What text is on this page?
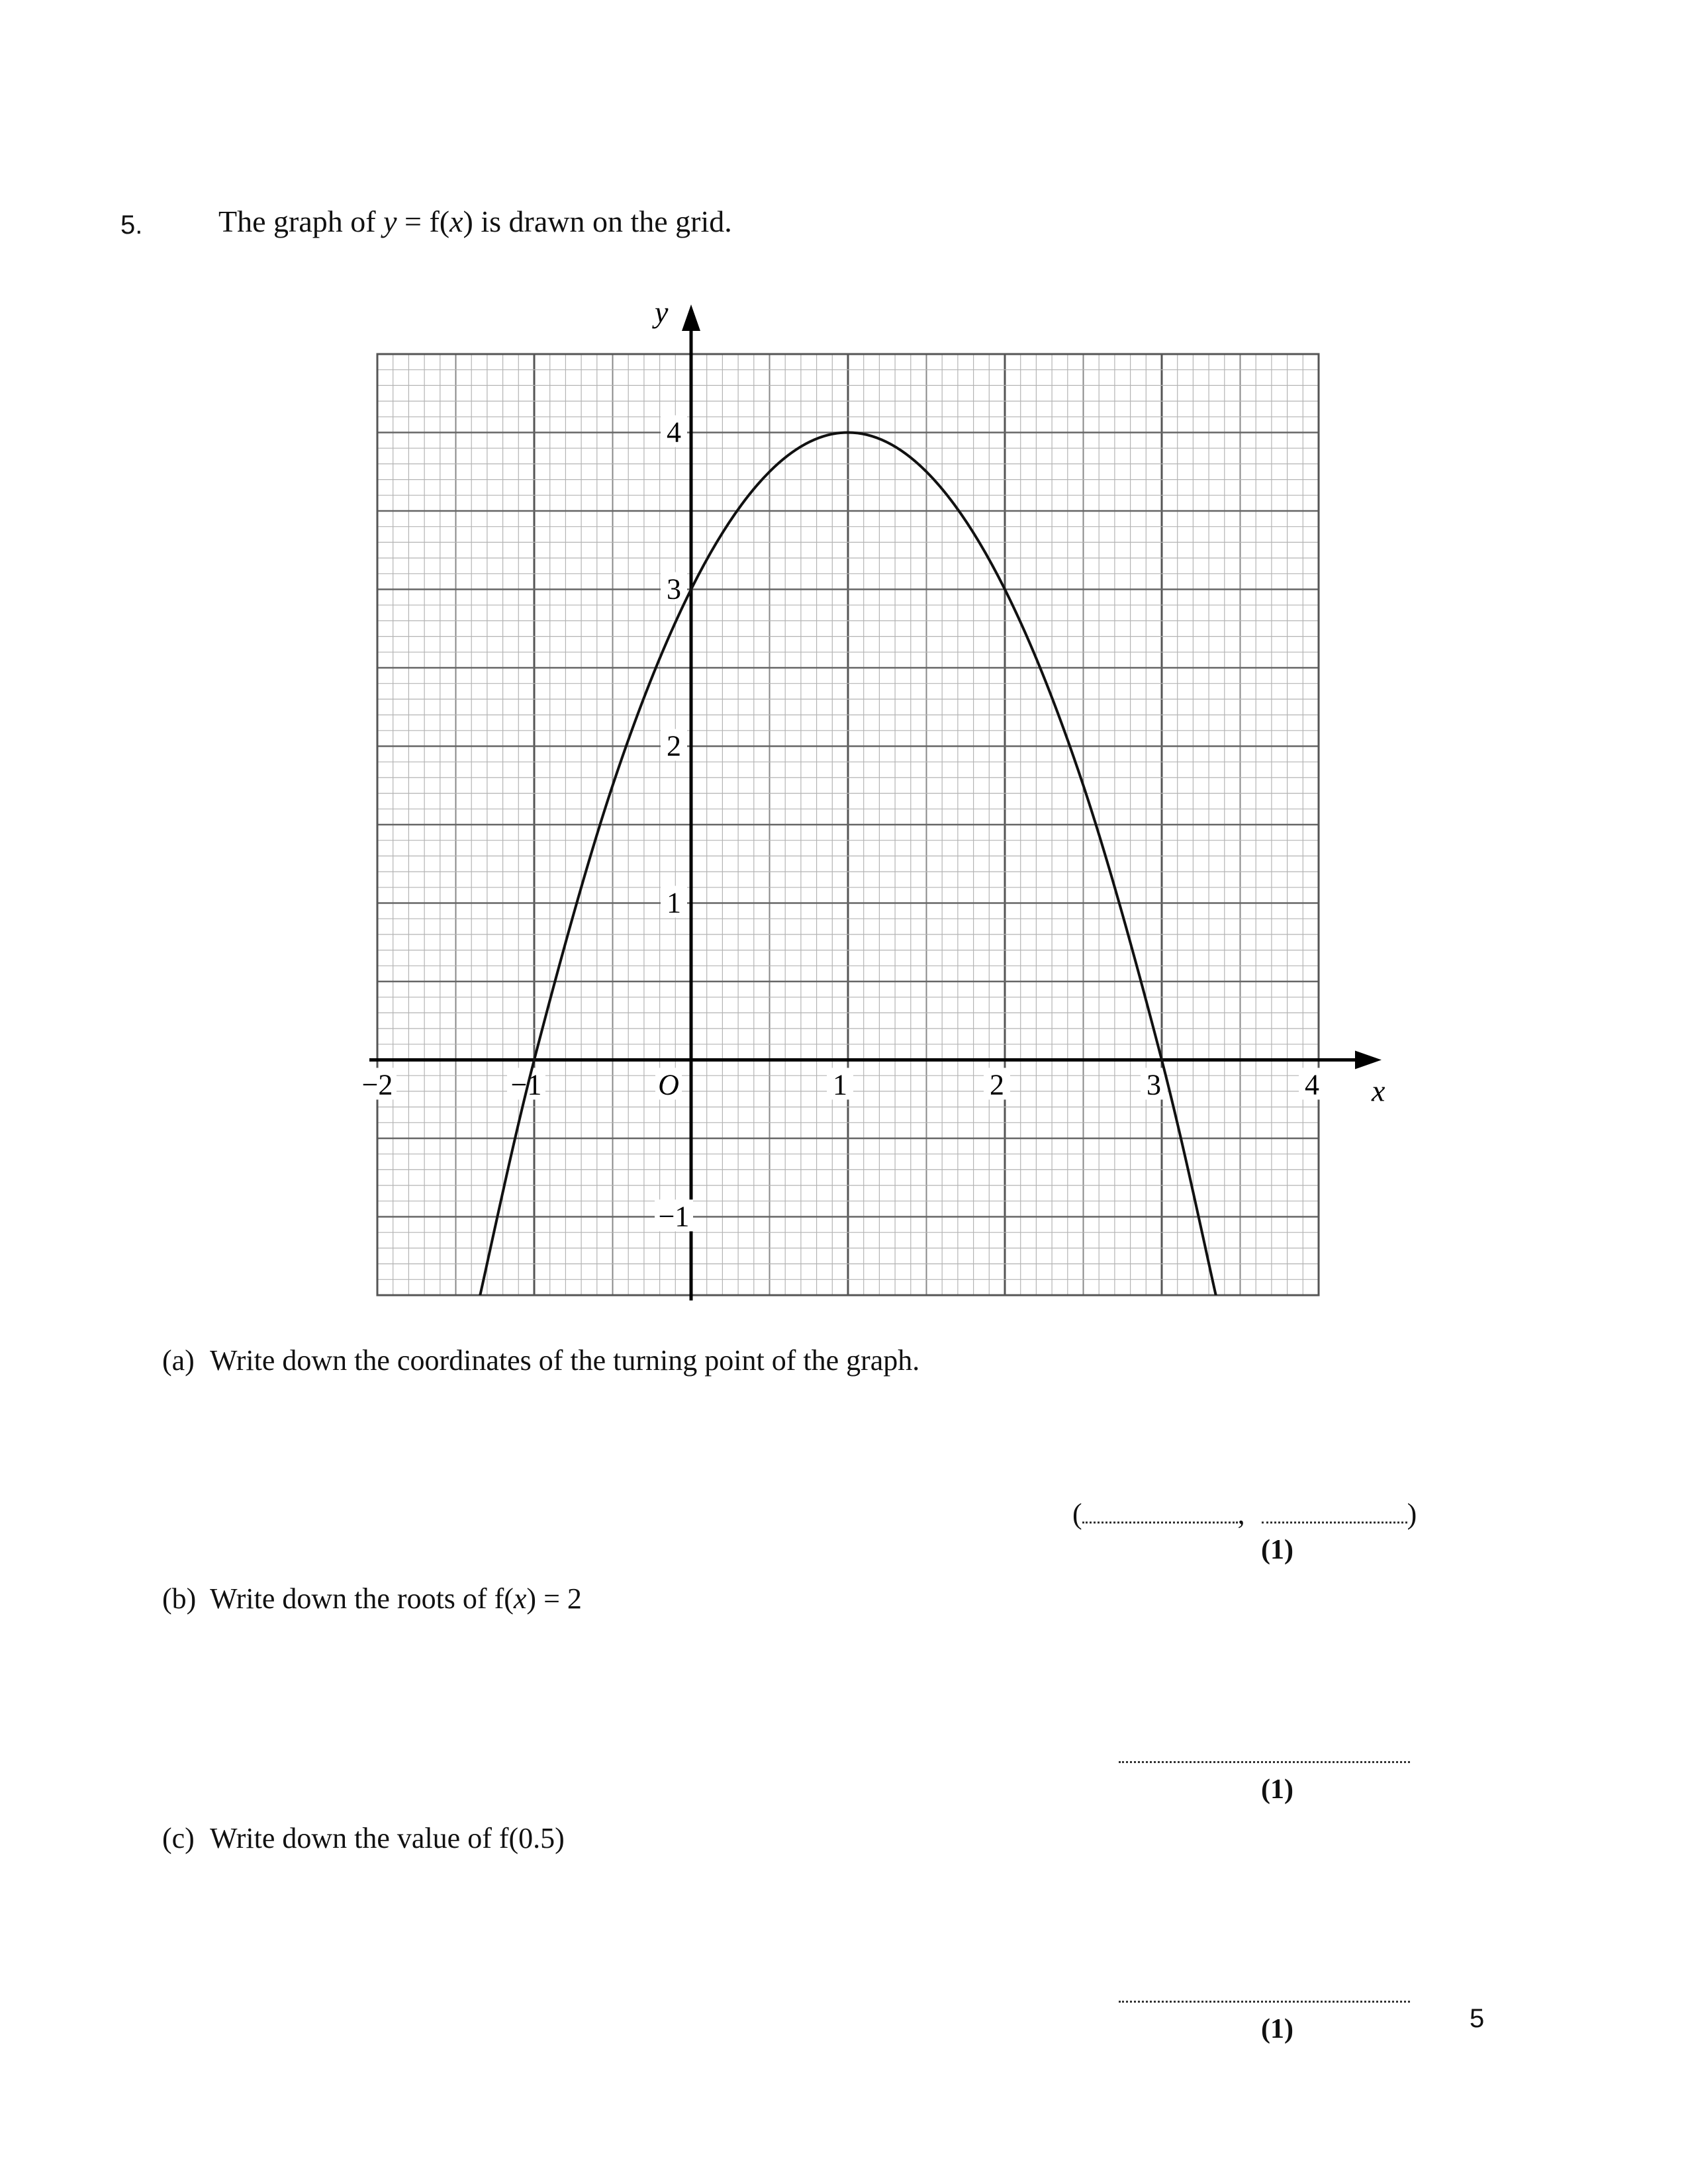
5. The graph of y = f(x) is drawn on the grid.
x
y
−2	−1	1	2	3	4
1
2
3
4
−1
O
(a) Write down the coordinates of the turning point of the graph.
(	,	)
(1)
(b) Write down the roots of f(x) = 2
(1)
(c) Write down the value of f(0.5)
(1)	5
